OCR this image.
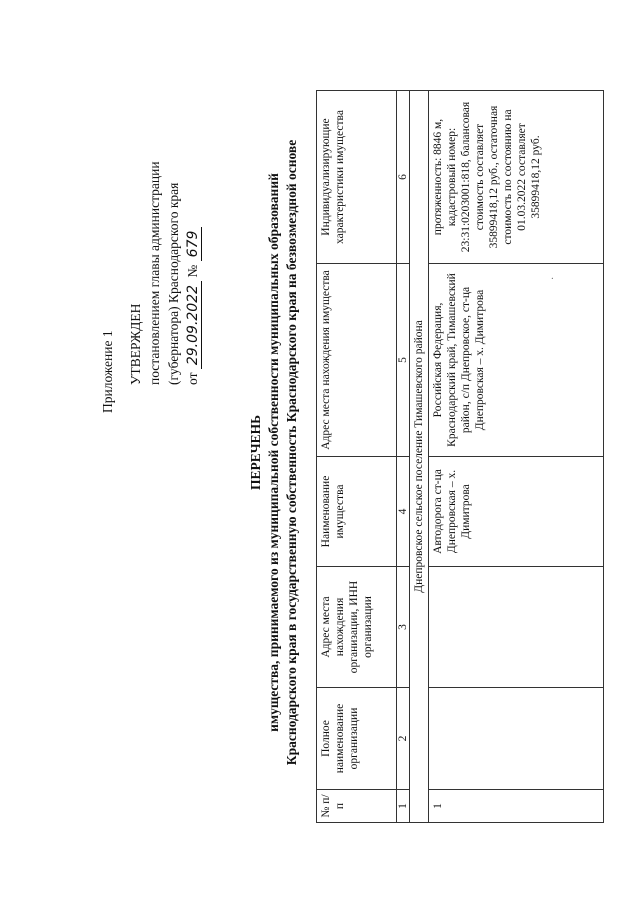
Приложение 1 УТВЕРЖДЕН постановлением главы администрации (губернатора) Краснодарского края от 29.09.2022 № 679
ПЕРЕЧЕНЬ имущества, принимаемого из муниципальной собственности муниципальных образований Краснодарского края в государственную собственность Краснодарского края на безвозмездной основе
№ п/п	Полное наименование организации	Адрес места нахождения организации, ИНН организации	Наименование имущества	Адрес места нахождения имущества	Индивидуализирующие характеристики имущества
1	2	3	4	5	6
Днепровское сельское поселение Тимашевского района					
1			Автодорога ст-ца Днепровская – х. Димитрова	Российская Федерация, Краснодарский край, Тимашевский район, с/п Днепровское, ст-ца Днепровская – х. Димитрова	протяженность: 8846 м, кадастровый номер: 23:31:0203001:818, балансовая стоимость составляет 35899418,12 руб., остаточная стоимость по состоянию на 01.03.2022 составляет 35899418,12 руб.
·
